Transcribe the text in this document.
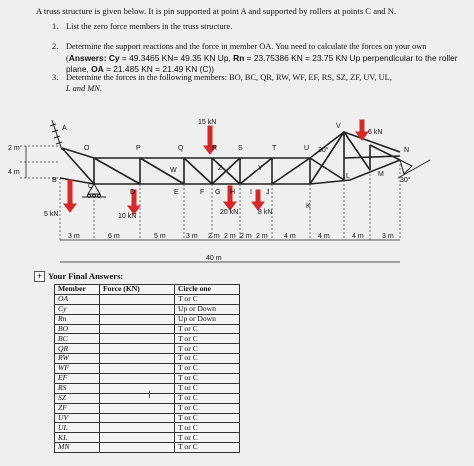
A truss structure is given below. It is pin supported at point A and supported by rollers at points C and N.
1. List the zero force members in the truss structure.
2. Determine the support reactions and the force in member OA. You need to calculate the forces on your own (Answers: Cy = 49.3465 KN= 49.35 KN Up, Rn = 23.75386 KN = 23.75 KN Up perpendicular to the roller plane, OA = 21.485 KN = 21.49 KN (C))
3. Determine the forces in the following members: BO, BC, QR, RW, WF, EF, RS, SZ, ZF, UV, UL,
L and MN.
2 m
4 m
5 kN	10 kN
15 kN
20 kN	8 kN
6 kN
30°
30°
A
O	P	Q	R	S	T	U
V
N
B
C
D	E	F G H I J
K
L	M
W	Z	Y
3 m	6 m	5 m	3 m 2 m 2 m 2 m 2 m 4 m	4 m	4 m	3 m
40 m
+ Your Final Answers:
Member	Force (KN)	Circle one
OA		T or C
Cy		Up or Down
Rn		Up or Down
BO		T or C
BC		T or C
QR		T or C
RW		T or C
WF		T or C
EF		T or C
RS		T or C
SZ		T or C
ZF		T or C
UV		T or C
UL		T or C
KL		T or C
MN		T or C
I
